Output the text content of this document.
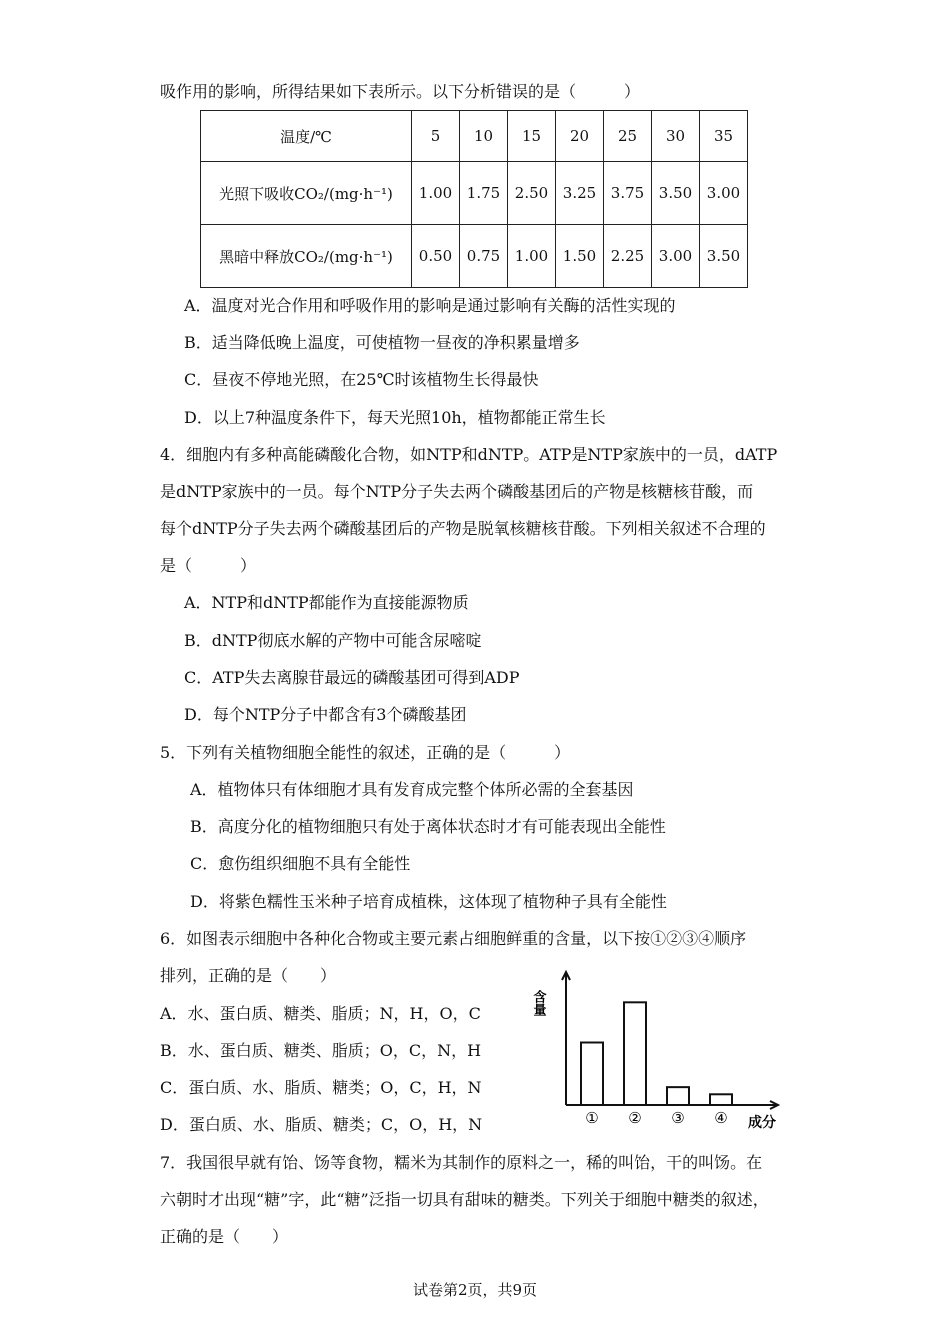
吸作用的影响，所得结果如下表所示。以下分析错误的是（　　　）
温度/℃	5	10	15	20	25	30	35
光照下吸收CO₂/(mg·h⁻¹)	1.00	1.75	2.50	3.25	3.75	3.50	3.00
黑暗中释放CO₂/(mg·h⁻¹)	0.50	0.75	1.00	1.50	2.25	3.00	3.50
A．温度对光合作用和呼吸作用的影响是通过影响有关酶的活性实现的
B．适当降低晚上温度，可使植物一昼夜的净积累量增多
C．昼夜不停地光照，在25℃时该植物生长得最快
D．以上7种温度条件下，每天光照10h，植物都能正常生长
4．细胞内有多种高能磷酸化合物，如NTP和dNTP。ATP是NTP家族中的一员，dATP
是dNTP家族中的一员。每个NTP分子失去两个磷酸基团后的产物是核糖核苷酸，而
每个dNTP分子失去两个磷酸基团后的产物是脱氧核糖核苷酸。下列相关叙述不合理的
是（　　　）
A．NTP和dNTP都能作为直接能源物质
B．dNTP彻底水解的产物中可能含尿嘧啶
C．ATP失去离腺苷最远的磷酸基团可得到ADP
D．每个NTP分子中都含有3个磷酸基团
5．下列有关植物细胞全能性的叙述，正确的是（　　　）
A．植物体只有体细胞才具有发育成完整个体所必需的全套基因
B．高度分化的植物细胞只有处于离体状态时才有可能表现出全能性
C．愈伤组织细胞不具有全能性
D．将紫色糯性玉米种子培育成植株，这体现了植物种子具有全能性
6．如图表示细胞中各种化合物或主要元素占细胞鲜重的含量，以下按①②③④顺序
排列，正确的是（　　）
A．水、蛋白质、糖类、脂质；N，H，O，C
B．水、蛋白质、糖类、脂质；O，C，N，H
C．蛋白质、水、脂质、糖类；O，C，H，N
D．蛋白质、水、脂质、糖类；C，O，H，N
含量
成分
① ② ③ ④
7．我国很早就有饴、饧等食物，糯米为其制作的原料之一，稀的叫饴，干的叫饧。在
六朝时才出现“糖”字，此“糖”泛指一切具有甜味的糖类。下列关于细胞中糖类的叙述，
正确的是（　　）
试卷第2页，共9页
